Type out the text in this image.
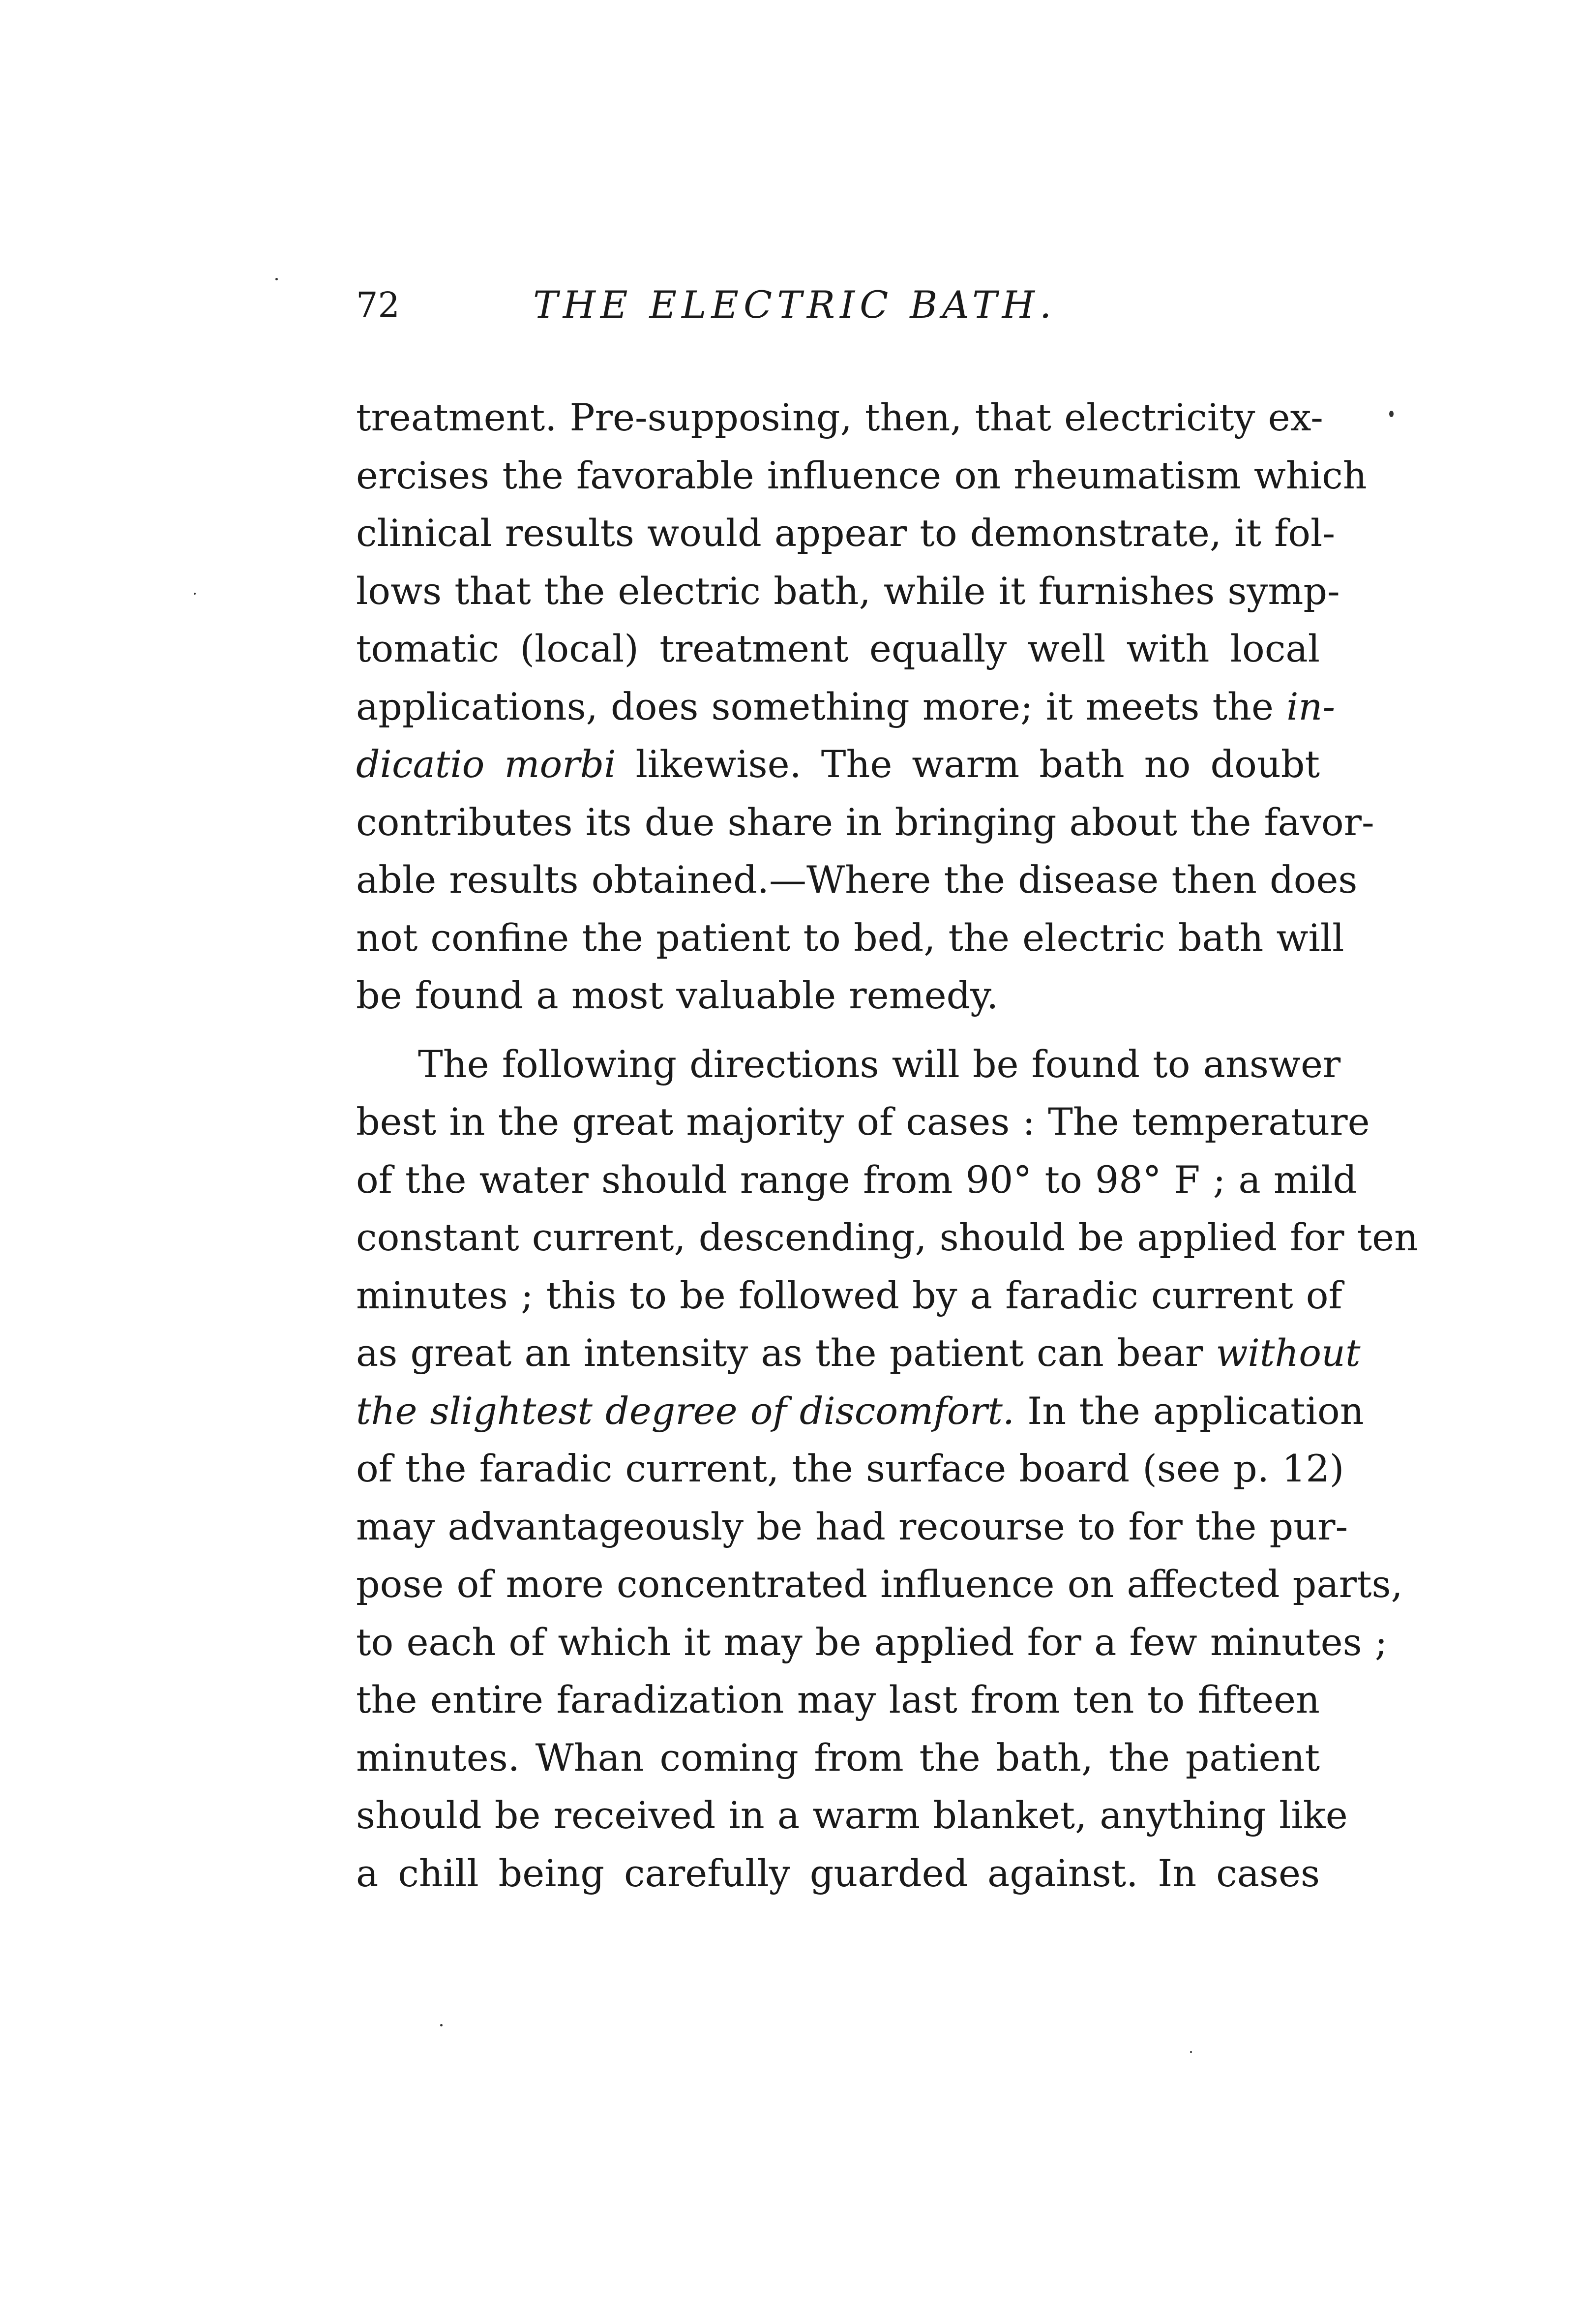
72	THE ELECTRIC BATH.
treatment. Pre-supposing, then, that electricity ex-
ercises the favorable influence on rheumatism which
clinical results would appear to demonstrate, it fol-
lows that the electric bath, while it furnishes symp-
tomatic (local) treatment equally well with local
applications, does something more; it meets the in-
dicatio morbi likewise. The warm bath no doubt
contributes its due share in bringing about the favor-
able results obtained.—Where the disease then does
not confine the patient to bed, the electric bath will
be found a most valuable remedy.
The following directions will be found to answer
best in the great majority of cases : The temperature
of the water should range from 90° to 98° F ; a mild
constant current, descending, should be applied for ten
minutes ; this to be followed by a faradic current of
as great an intensity as the patient can bear without
the slightest degree of discomfort. In the application
of the faradic current, the surface board (see p. 12)
may advantageously be had recourse to for the pur-
pose of more concentrated influence on affected parts,
to each of which it may be applied for a few minutes ;
the entire faradization may last from ten to fifteen
minutes. Whan coming from the bath, the patient
should be received in a warm blanket, anything like
a chill being carefully guarded against. In cases
